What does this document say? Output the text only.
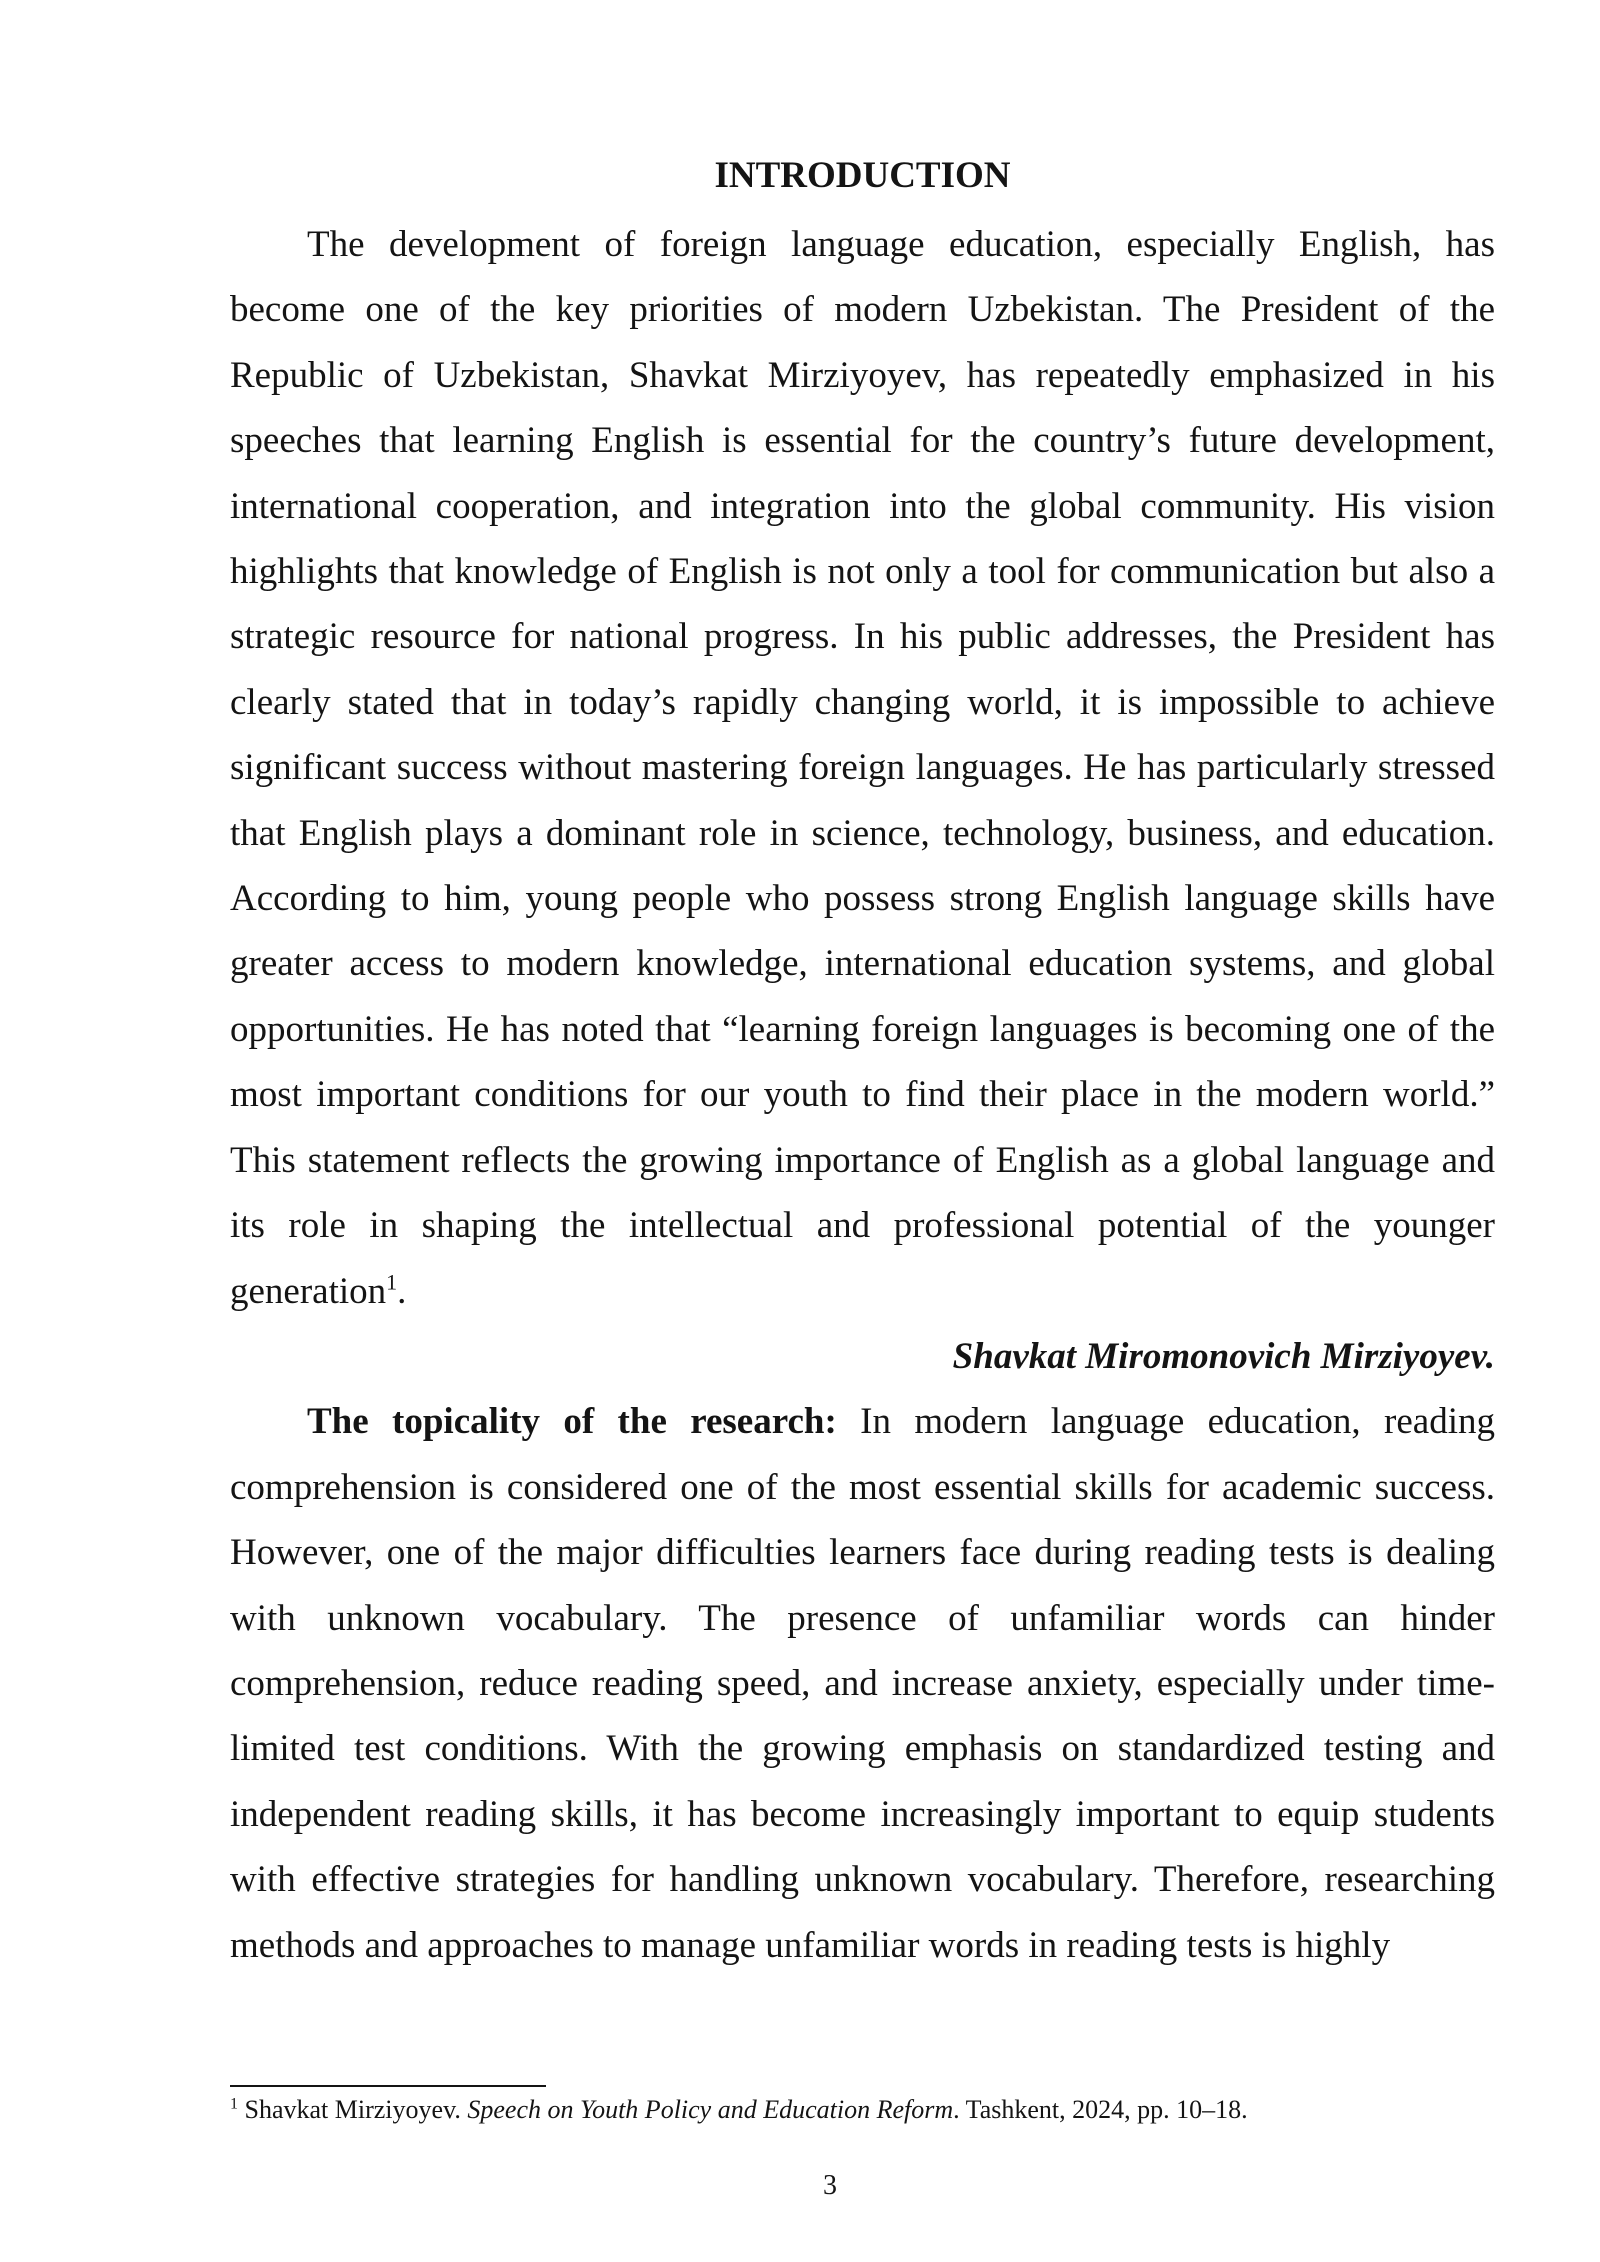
INTRODUCTION

The development of foreign language education, especially English, has become one of the key priorities of modern Uzbekistan. The President of the Republic of Uzbekistan, Shavkat Mirziyoyev, has repeatedly emphasized in his speeches that learning English is essential for the country’s future development, international cooperation, and integration into the global community. His vision highlights that knowledge of English is not only a tool for communication but also a strategic resource for national progress. In his public addresses, the President has clearly stated that in today’s rapidly changing world, it is impossible to achieve significant success without mastering foreign languages. He has particularly stressed that English plays a dominant role in science, technology, business, and education. According to him, young people who possess strong English language skills have greater access to modern knowledge, international education systems, and global opportunities. He has noted that “learning foreign languages is becoming one of the most important conditions for our youth to find their place in the modern world.” This statement reflects the growing importance of English as a global language and its role in shaping the intellectual and professional potential of the younger generation$^1$.

Shavkat Miromonovich Mirziyoyev.

The topicality of the research: In modern language education, reading comprehension is considered one of the most essential skills for academic success. However, one of the major difficulties learners face during reading tests is dealing with unknown vocabulary. The presence of unfamiliar words can hinder comprehension, reduce reading speed, and increase anxiety, especially under time-limited test conditions. With the growing emphasis on standardized testing and independent reading skills, it has become increasingly important to equip students with effective strategies for handling unknown vocabulary. Therefore, researching methods and approaches to manage unfamiliar words in reading tests is highly

$^1$ Shavkat Mirziyoyev. Speech on Youth Policy and Education Reform. Tashkent, 2024, pp. 10–18.
3
